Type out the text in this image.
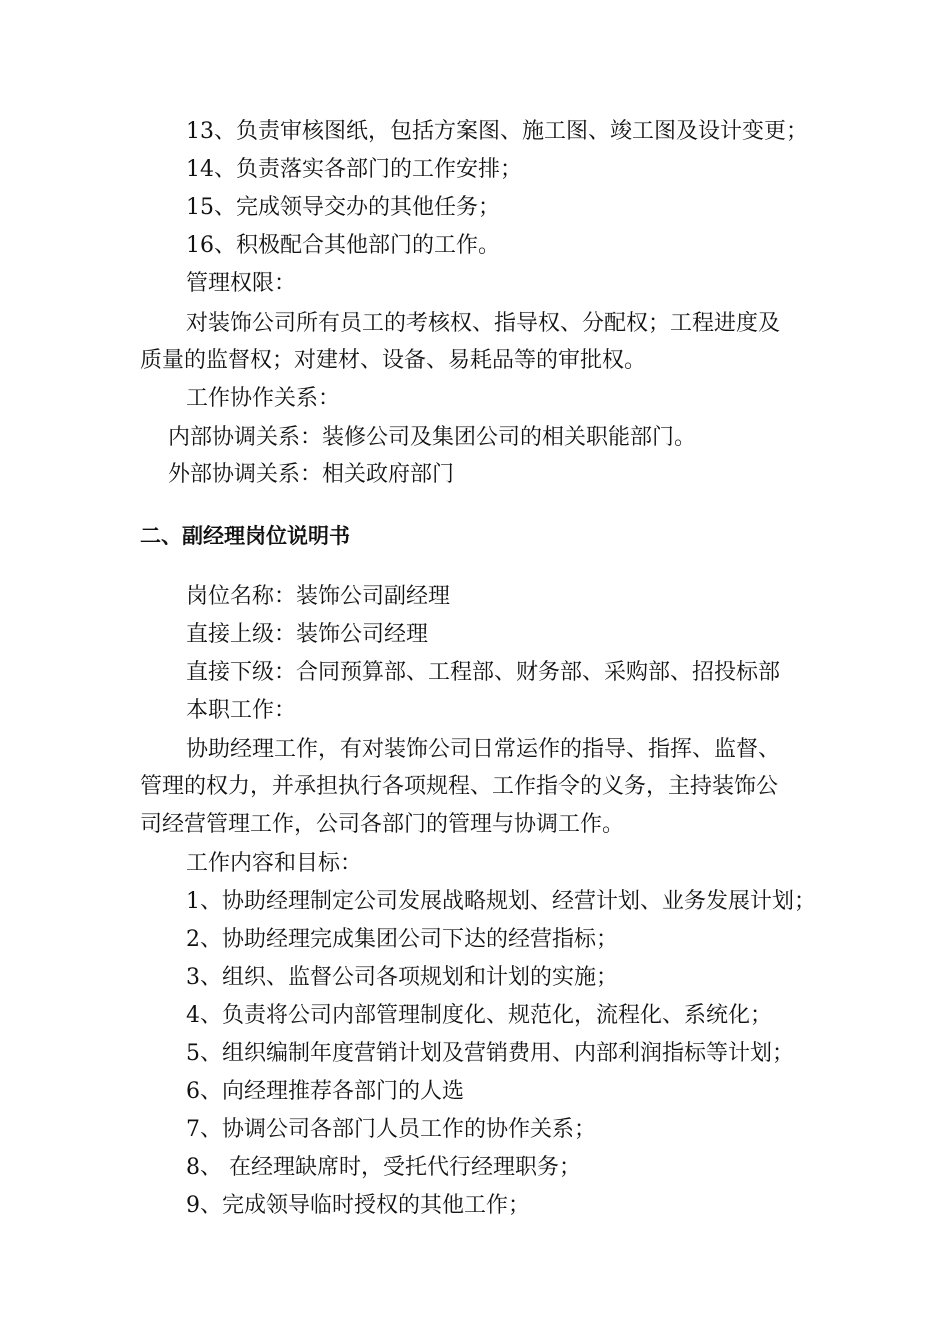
13、负责审核图纸，包括方案图、施工图、竣工图及设计变更；
14、负责落实各部门的工作安排；
15、完成领导交办的其他任务；
16、积极配合其他部门的工作。
管理权限：
对装饰公司所有员工的考核权、指导权、分配权；工程进度及
质量的监督权；对建材、设备、易耗品等的审批权。
工作协作关系：
内部协调关系：装修公司及集团公司的相关职能部门。
外部协调关系：相关政府部门
二、副经理岗位说明书
岗位名称：装饰公司副经理
直接上级：装饰公司经理
直接下级：合同预算部、工程部、财务部、采购部、招投标部
本职工作：
协助经理工作，有对装饰公司日常运作的指导、指挥、监督、
管理的权力，并承担执行各项规程、工作指令的义务，主持装饰公
司经营管理工作，公司各部门的管理与协调工作。
工作内容和目标：
1、协助经理制定公司发展战略规划、经营计划、业务发展计划；
2、协助经理完成集团公司下达的经营指标；
3、组织、监督公司各项规划和计划的实施；
4、负责将公司内部管理制度化、规范化，流程化、系统化；
5、组织编制年度营销计划及营销费用、内部利润指标等计划；
6、向经理推荐各部门的人选
7、协调公司各部门人员工作的协作关系；
8、 在经理缺席时，受托代行经理职务；
9、完成领导临时授权的其他工作；
